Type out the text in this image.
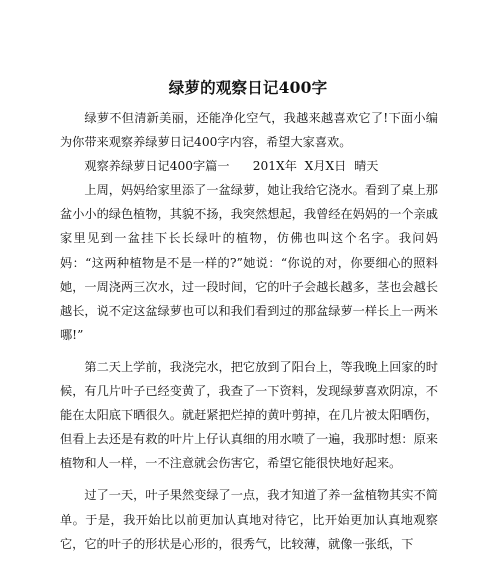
绿萝的观察日记400字

绿萝不但清新美丽，还能净化空气，我越来越喜欢它了!下面小编为你带来观察养绿萝日记400字内容，希望大家喜欢。

观察养绿萝日记400字篇一      201X年  X月X日  晴天

上周，妈妈给家里添了一盆绿萝，她让我给它浇水。看到了桌上那盆小小的绿色植物，其貌不扬，我突然想起，我曾经在妈妈的一个亲戚家里见到一盆挂下长长绿叶的植物，仿佛也叫这个名字。我问妈妈：“这两种植物是不是一样的?”她说：“你说的对，你要细心的照料她，一周浇两三次水，过一段时间，它的叶子会越长越多，茎也会越长越长，说不定这盆绿萝也可以和我们看到过的那盆绿萝一样长上一两米哪!”

第二天上学前，我浇完水，把它放到了阳台上，等我晚上回家的时候，有几片叶子已经变黄了，我查了一下资料，发现绿萝喜欢阴凉，不能在太阳底下晒很久。就赶紧把烂掉的黄叶剪掉，在几片被太阳晒伤，但看上去还是有救的叶片上仔认真细的用水喷了一遍，我那时想：原来植物和人一样，一不注意就会伤害它，希望它能很快地好起来。

过了一天，叶子果然变绿了一点，我才知道了养一盆植物其实不简单。于是，我开始比以前更加认真地对待它，比开始更加认真地观察它，它的叶子的形状是心形的，很秀气，比较薄，就像一张纸，下
